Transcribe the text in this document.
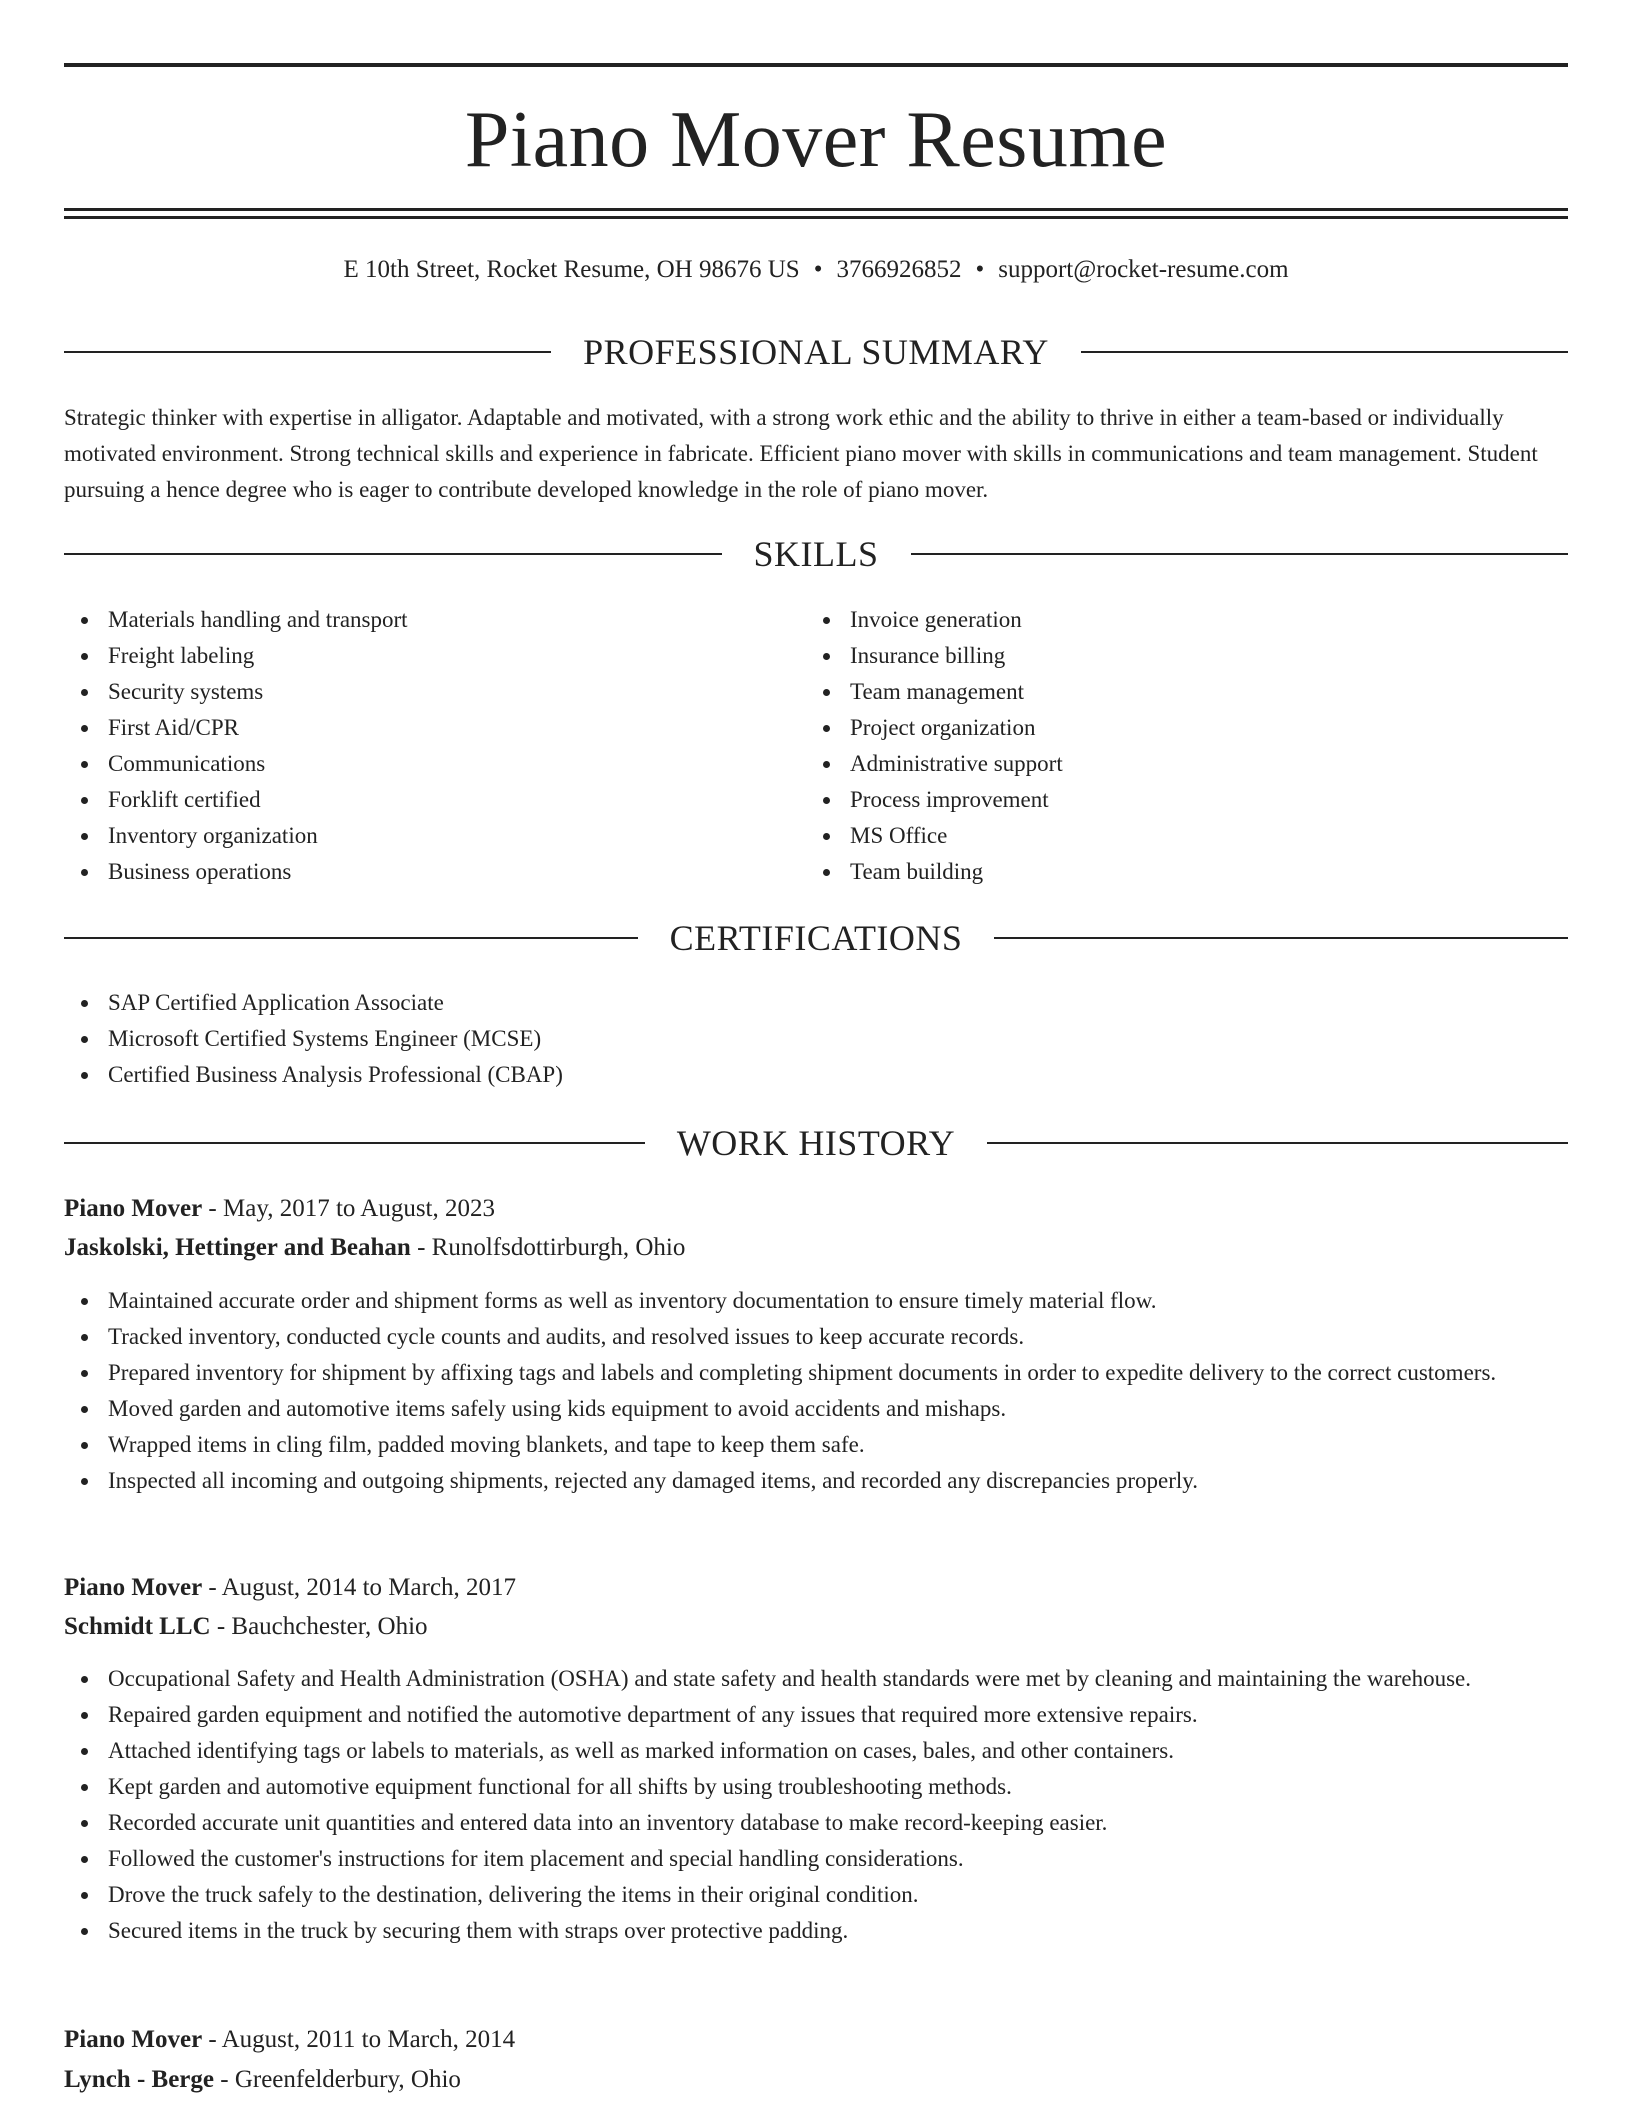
Piano Mover Resume
E 10th Street, Rocket Resume, OH 98676 US • 3766926852 • support@rocket-resume.com
PROFESSIONAL SUMMARY

Strategic thinker with expertise in alligator. Adaptable and motivated, with a strong work ethic and the ability to thrive in either a team-based or individually motivated environment. Strong technical skills and experience in fabricate. Efficient piano mover with skills in communications and team management. Student pursuing a hence degree who is eager to contribute developed knowledge in the role of piano mover.

SKILLS
Materials handling and transport
Freight labeling
Security systems
First Aid/CPR
Communications
Forklift certified
Inventory organization
Business operations
Invoice generation
Insurance billing
Team management
Project organization
Administrative support
Process improvement
MS Office
Team building
CERTIFICATIONS
SAP Certified Application Associate
Microsoft Certified Systems Engineer (MCSE)
Certified Business Analysis Professional (CBAP)
WORK HISTORY
Piano Mover - May, 2017 to August, 2023
Jaskolski, Hettinger and Beahan - Runolfsdottirburgh, Ohio
Maintained accurate order and shipment forms as well as inventory documentation to ensure timely material flow.
Tracked inventory, conducted cycle counts and audits, and resolved issues to keep accurate records.
Prepared inventory for shipment by affixing tags and labels and completing shipment documents in order to expedite delivery to the correct customers.
Moved garden and automotive items safely using kids equipment to avoid accidents and mishaps.
Wrapped items in cling film, padded moving blankets, and tape to keep them safe.
Inspected all incoming and outgoing shipments, rejected any damaged items, and recorded any discrepancies properly.
Piano Mover - August, 2014 to March, 2017
Schmidt LLC - Bauchchester, Ohio
Occupational Safety and Health Administration (OSHA) and state safety and health standards were met by cleaning and maintaining the warehouse.
Repaired garden equipment and notified the automotive department of any issues that required more extensive repairs.
Attached identifying tags or labels to materials, as well as marked information on cases, bales, and other containers.
Kept garden and automotive equipment functional for all shifts by using troubleshooting methods.
Recorded accurate unit quantities and entered data into an inventory database to make record-keeping easier.
Followed the customer's instructions for item placement and special handling considerations.
Drove the truck safely to the destination, delivering the items in their original condition.
Secured items in the truck by securing them with straps over protective padding.
Piano Mover - August, 2011 to March, 2014
Lynch - Berge - Greenfelderbury, Ohio
